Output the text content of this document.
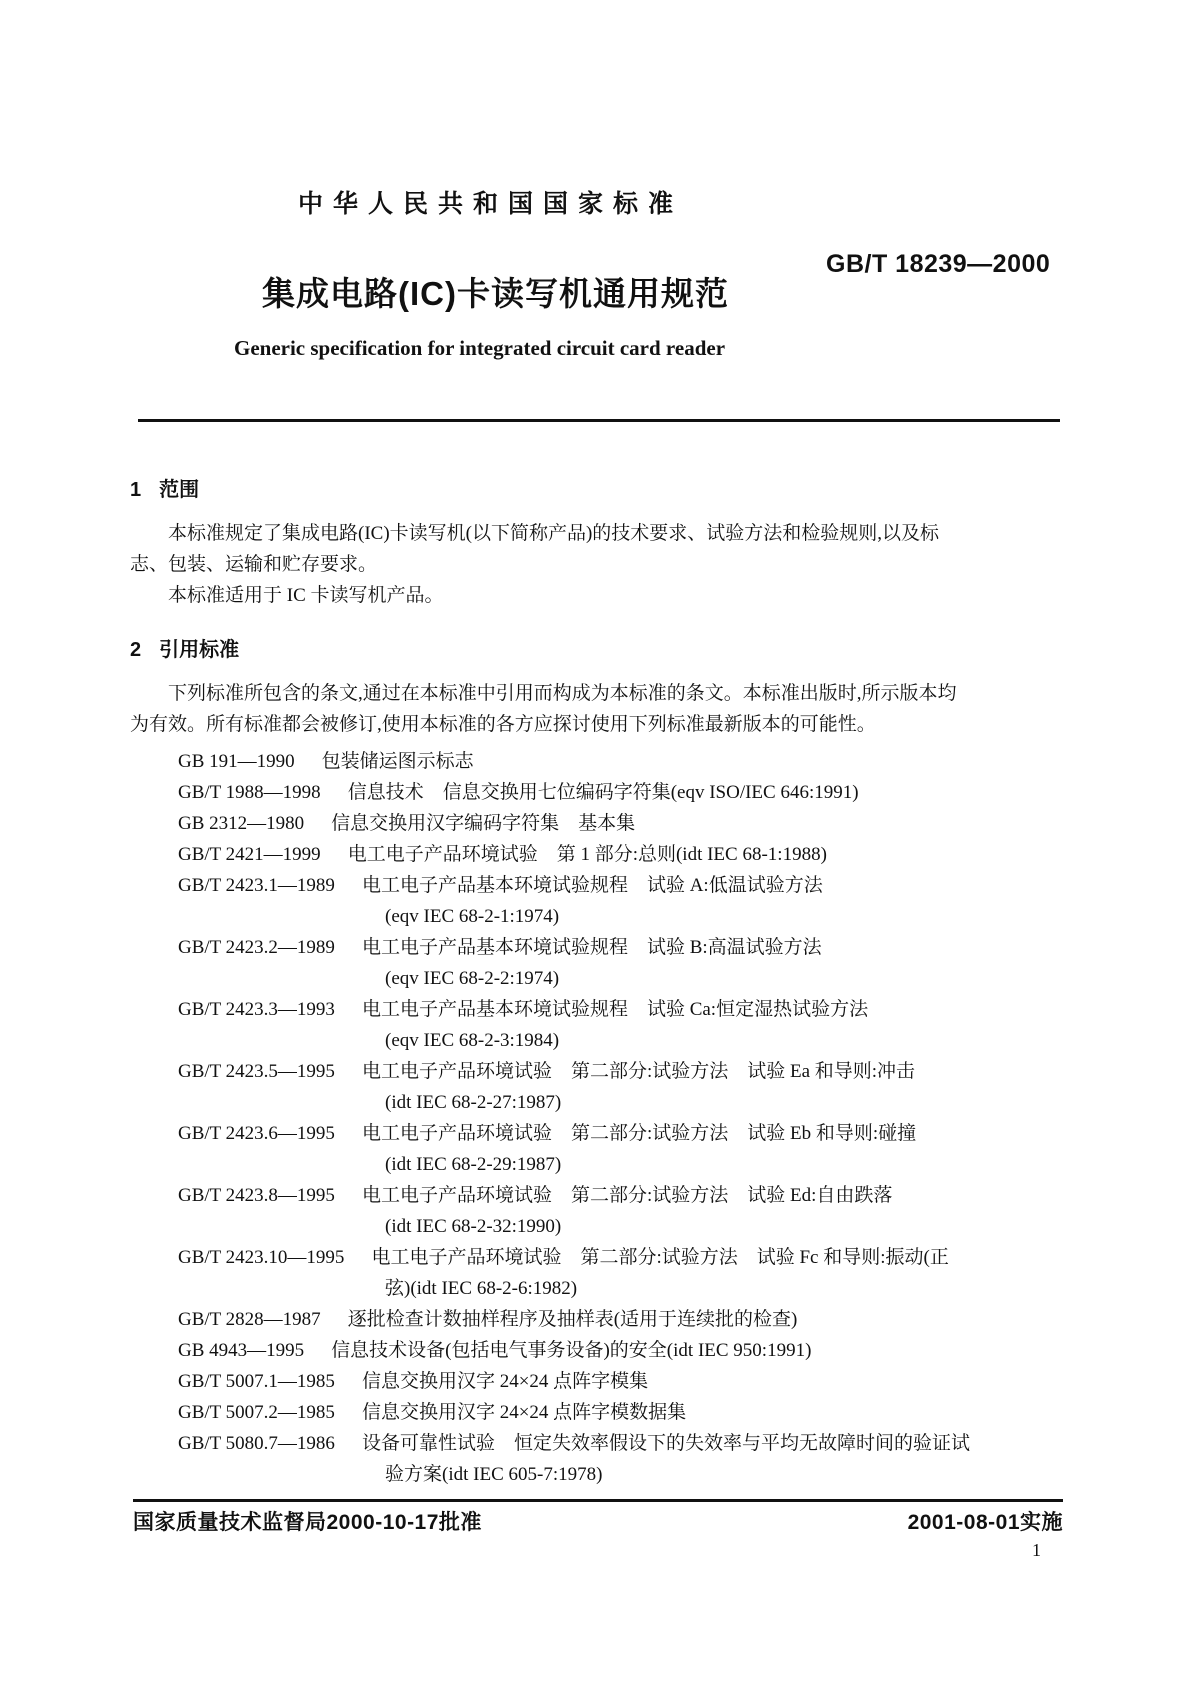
中华人民共和国国家标准
GB/T 18239—2000
集成电路(IC)卡读写机通用规范
Generic specification for integrated circuit card reader
1 范围
本标准规定了集成电路(IC)卡读写机(以下简称产品)的技术要求、试验方法和检验规则,以及标
志、包装、运输和贮存要求。
本标准适用于 IC 卡读写机产品。
2 引用标准
下列标准所包含的条文,通过在本标准中引用而构成为本标准的条文。本标准出版时,所示版本均
为有效。所有标准都会被修订,使用本标准的各方应探讨使用下列标准最新版本的可能性。
GB 191—1990 包装储运图示标志
GB/T 1988—1998 信息技术　信息交换用七位编码字符集(eqv ISO/IEC 646:1991)
GB 2312—1980 信息交换用汉字编码字符集　基本集
GB/T 2421—1999 电工电子产品环境试验　第 1 部分:总则(idt IEC 68-1:1988)
GB/T 2423.1—1989 电工电子产品基本环境试验规程　试验 A:低温试验方法
(eqv IEC 68-2-1:1974)
GB/T 2423.2—1989 电工电子产品基本环境试验规程　试验 B:高温试验方法
(eqv IEC 68-2-2:1974)
GB/T 2423.3—1993 电工电子产品基本环境试验规程　试验 Ca:恒定湿热试验方法
(eqv IEC 68-2-3:1984)
GB/T 2423.5—1995 电工电子产品环境试验　第二部分:试验方法　试验 Ea 和导则:冲击
(idt IEC 68-2-27:1987)
GB/T 2423.6—1995 电工电子产品环境试验　第二部分:试验方法　试验 Eb 和导则:碰撞
(idt IEC 68-2-29:1987)
GB/T 2423.8—1995 电工电子产品环境试验　第二部分:试验方法　试验 Ed:自由跌落
(idt IEC 68-2-32:1990)
GB/T 2423.10—1995 电工电子产品环境试验　第二部分:试验方法　试验 Fc 和导则:振动(正
弦)(idt IEC 68-2-6:1982)
GB/T 2828—1987 逐批检查计数抽样程序及抽样表(适用于连续批的检查)
GB 4943—1995 信息技术设备(包括电气事务设备)的安全(idt IEC 950:1991)
GB/T 5007.1—1985 信息交换用汉字 24×24 点阵字模集
GB/T 5007.2—1985 信息交换用汉字 24×24 点阵字模数据集
GB/T 5080.7—1986 设备可靠性试验　恒定失效率假设下的失效率与平均无故障时间的验证试
验方案(idt IEC 605-7:1978)
国家质量技术监督局2000-10-17批准	2001-08-01实施
1
